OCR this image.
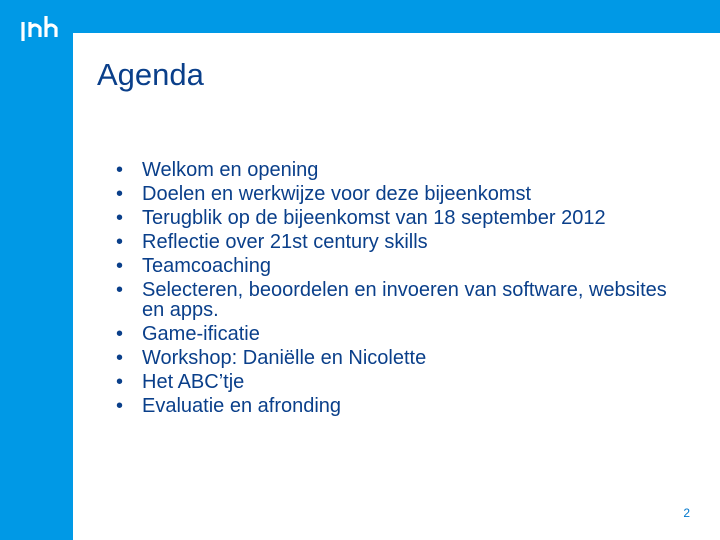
Agenda
• Welkom en opening
• Doelen en werkwijze voor deze bijeenkomst
• Terugblik op de bijeenkomst van 18 september 2012
• Reflectie over 21st century skills
• Teamcoaching
• Selecteren, beoordelen en invoeren van software, websites en apps.
• Game-ificatie
• Workshop: Daniëlle en Nicolette
• Het ABC’tje
• Evaluatie en afronding
2
